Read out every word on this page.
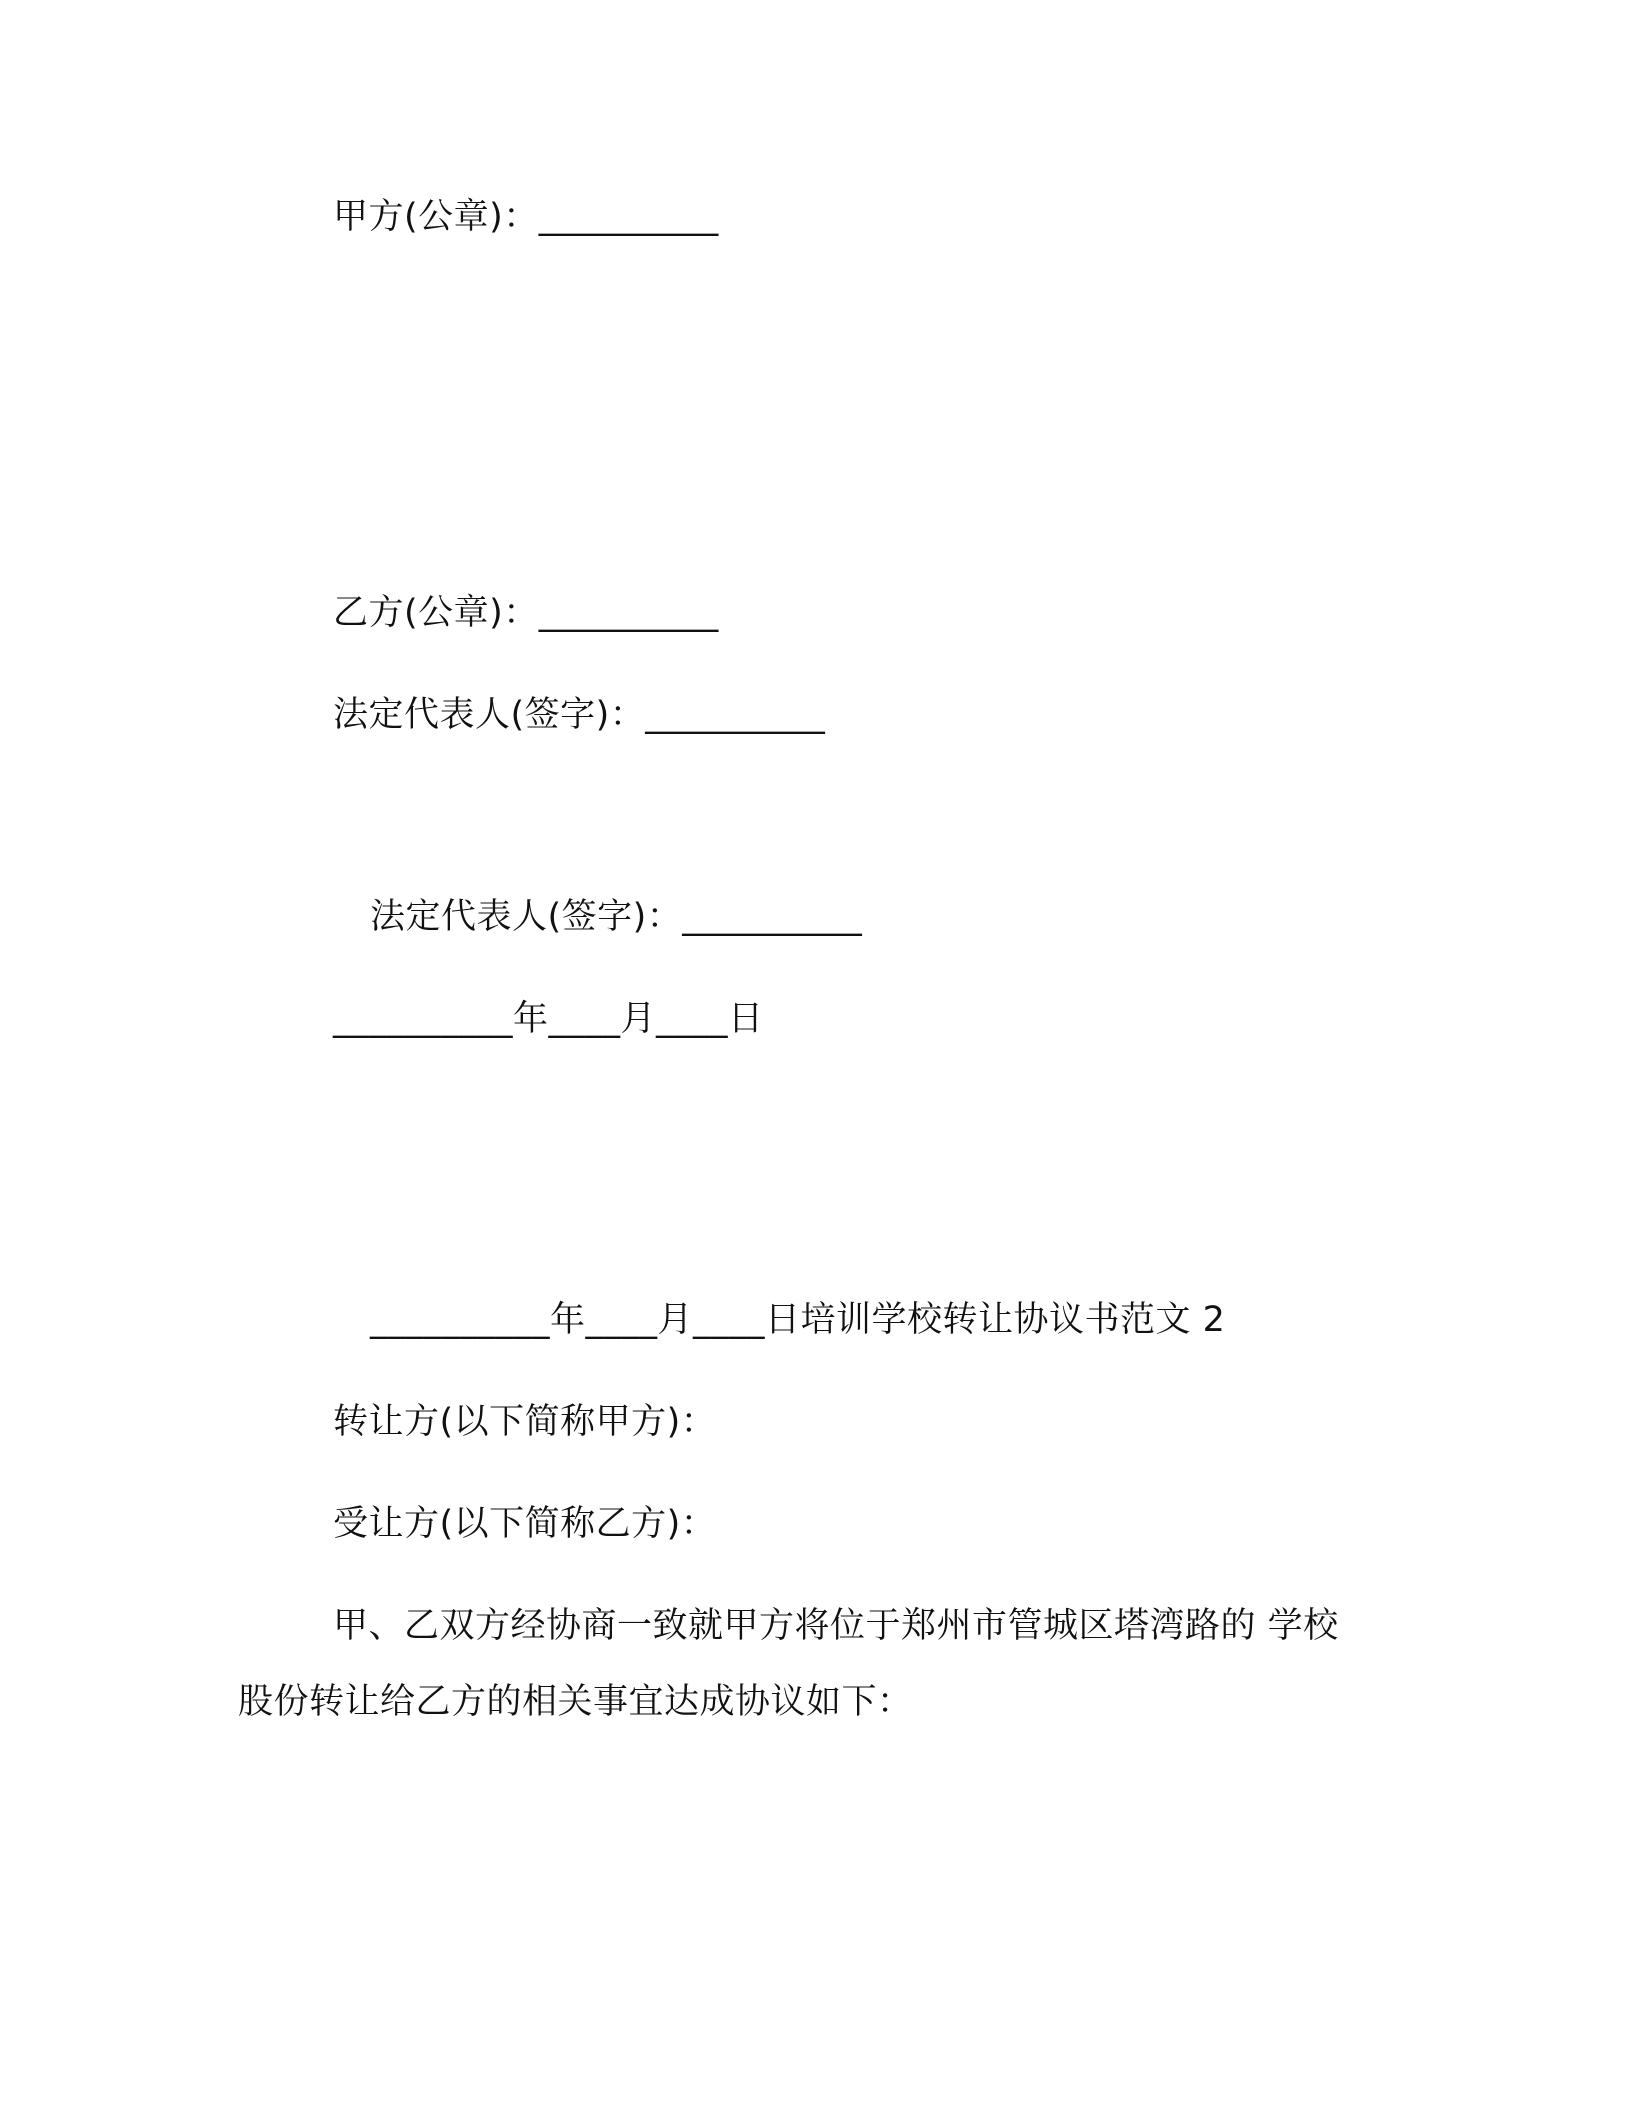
甲方(公章)：__________
乙方(公章)：__________
法定代表人(签字)：__________
法定代表人(签字)：__________
__________年____月____日
__________年____月____日培训学校转让协议书范文 2
转让方(以下简称甲方)：
受让方(以下简称乙方)：
甲、乙双方经协商一致就甲方将位于郑州市管城区塔湾路的 学校
股份转让给乙方的相关事宜达成协议如下：
